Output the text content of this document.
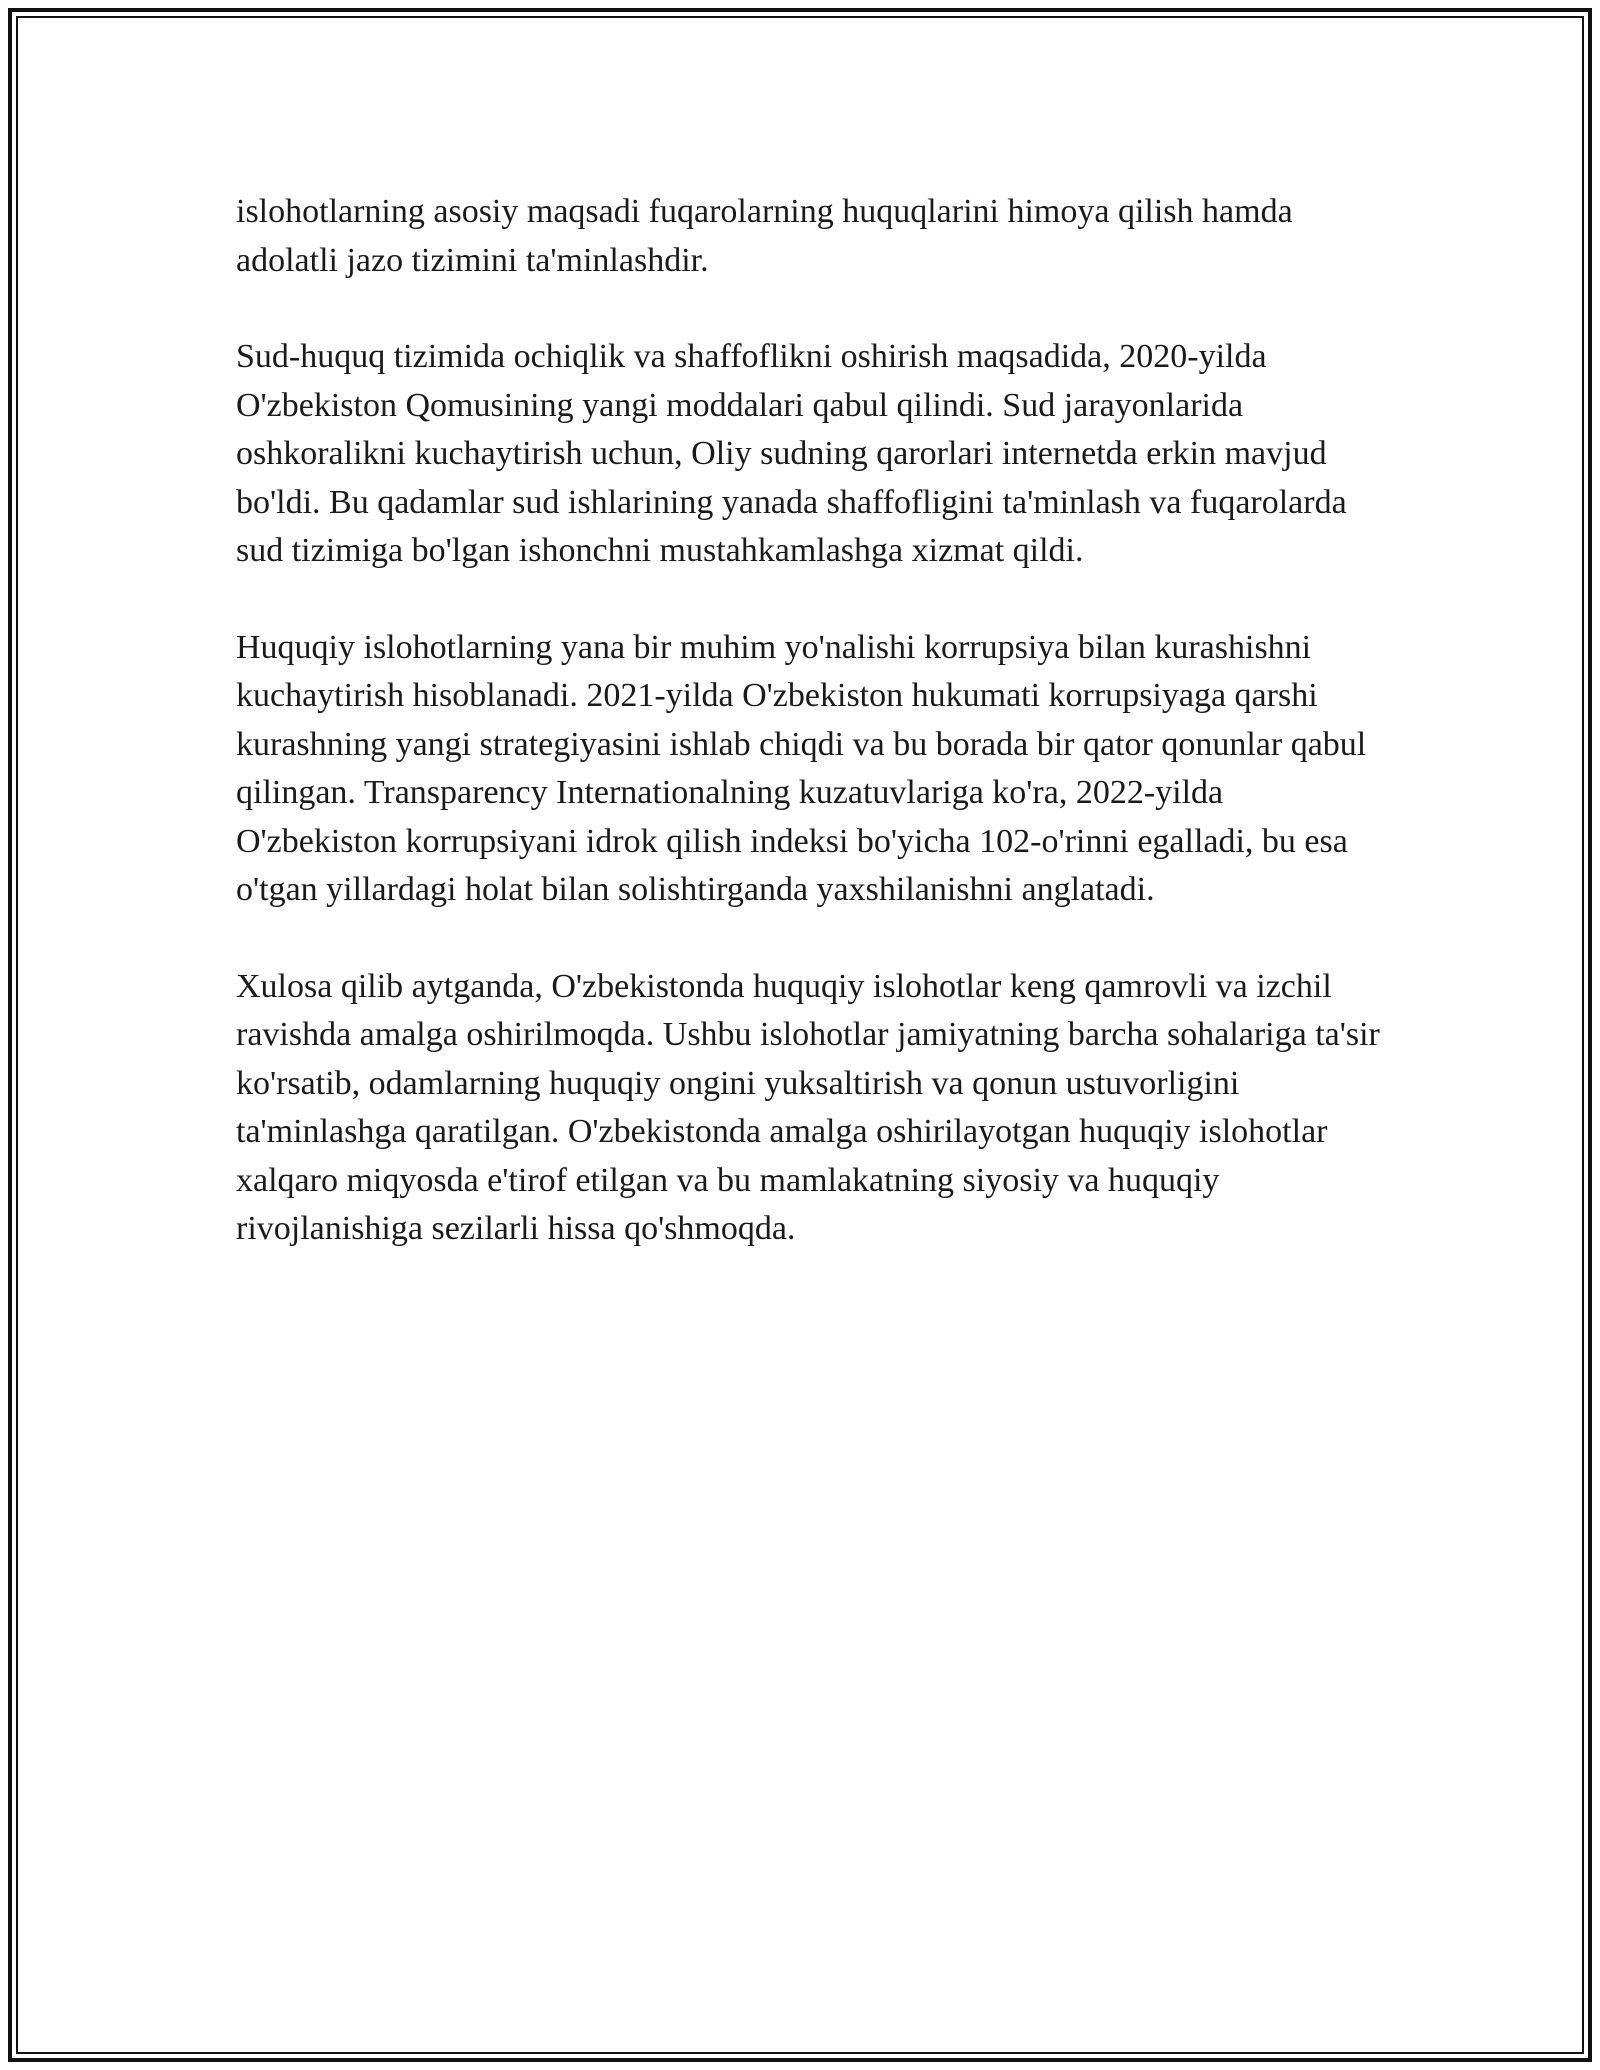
islohotlarning asosiy maqsadi fuqarolarning huquqlarini himoya qilish hamda adolatli jazo tizimini ta'minlashdir.

Sud-huquq tizimida ochiqlik va shaffoflikni oshirish maqsadida, 2020-yilda O'zbekiston Qomusining yangi moddalari qabul qilindi. Sud jarayonlarida oshkoralikni kuchaytirish uchun, Oliy sudning qarorlari internetda erkin mavjud bo'ldi. Bu qadamlar sud ishlarining yanada shaffofligini ta'minlash va fuqarolarda sud tizimiga bo'lgan ishonchni mustahkamlashga xizmat qildi.

Huquqiy islohotlarning yana bir muhim yo'nalishi korrupsiya bilan kurashishni kuchaytirish hisoblanadi. 2021-yilda O'zbekiston hukumati korrupsiyaga qarshi kurashning yangi strategiyasini ishlab chiqdi va bu borada bir qator qonunlar qabul qilingan. Transparency Internationalning kuzatuvlariga ko'ra, 2022-yilda O'zbekiston korrupsiyani idrok qilish indeksi bo'yicha 102-o'rinni egalladi, bu esa o'tgan yillardagi holat bilan solishtirganda yaxshilanishni anglatadi.

Xulosa qilib aytganda, O'zbekistonda huquqiy islohotlar keng qamrovli va izchil ravishda amalga oshirilmoqda. Ushbu islohotlar jamiyatning barcha sohalariga ta'sir ko'rsatib, odamlarning huquqiy ongini yuksaltirish va qonun ustuvorligini ta'minlashga qaratilgan. O'zbekistonda amalga oshirilayotgan huquqiy islohotlar xalqaro miqyosda e'tirof etilgan va bu mamlakatning siyosiy va huquqiy rivojlanishiga sezilarli hissa qo'shmoqda.
